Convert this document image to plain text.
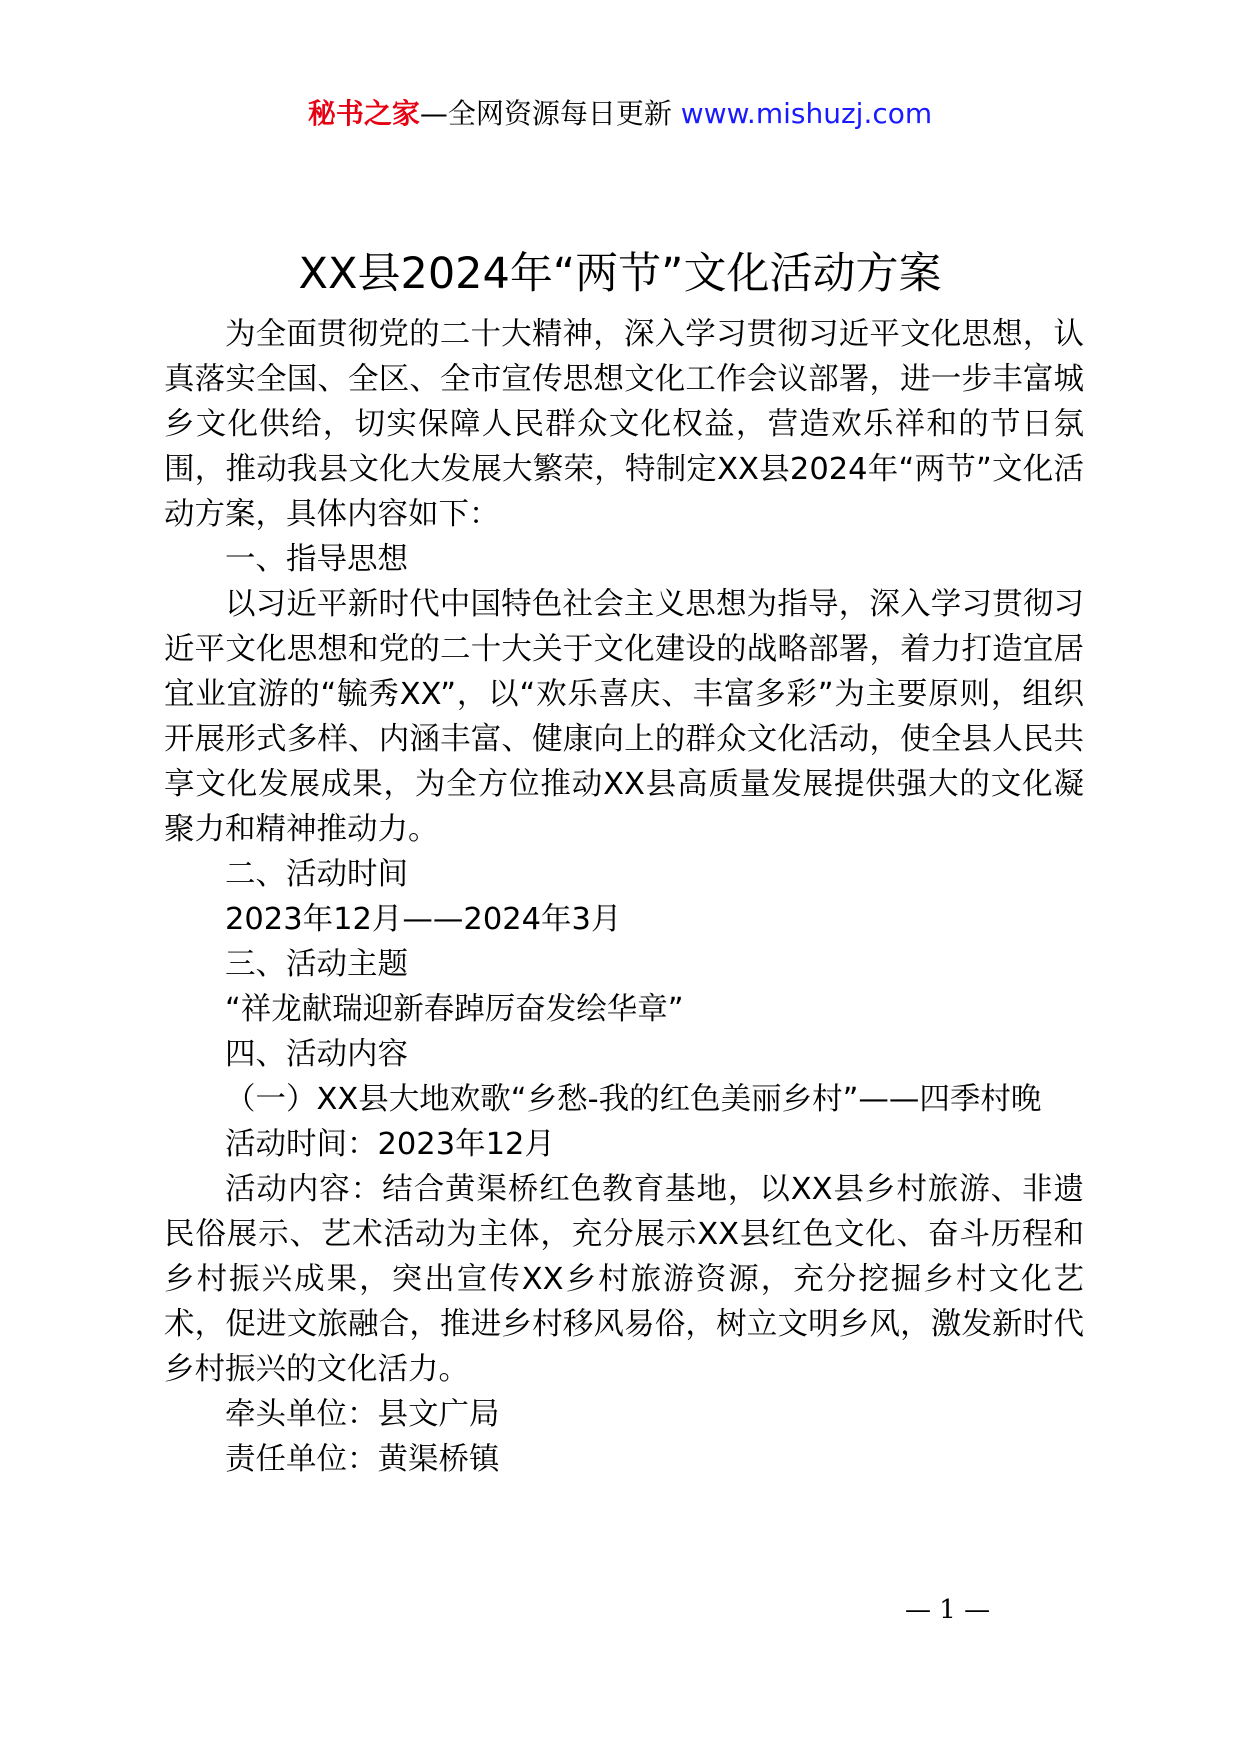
秘书之家—全网资源每日更新 www.mishuzj.com
XX县2024年“两节”文化活动方案

为全面贯彻党的二十大精神，深入学习贯彻习近平文化思想，认真落实全国、全区、全市宣传思想文化工作会议部署，进一步丰富城乡文化供给，切实保障人民群众文化权益，营造欢乐祥和的节日氛围，推动我县文化大发展大繁荣，特制定XX县2024年“两节”文化活动方案，具体内容如下：

一、指导思想

以习近平新时代中国特色社会主义思想为指导，深入学习贯彻习近平文化思想和党的二十大关于文化建设的战略部署，着力打造宜居宜业宜游的“毓秀XX”，以“欢乐喜庆、丰富多彩”为主要原则，组织开展形式多样、内涵丰富、健康向上的群众文化活动，使全县人民共享文化发展成果，为全方位推动XX县高质量发展提供强大的文化凝聚力和精神推动力。

二、活动时间

2023年12月——2024年3月

三、活动主题

“祥龙献瑞迎新春踔厉奋发绘华章”

四、活动内容

（一）XX县大地欢歌“乡愁-我的红色美丽乡村”——四季村晚

活动时间：2023年12月

活动内容：结合黄渠桥红色教育基地，以XX县乡村旅游、非遗民俗展示、艺术活动为主体，充分展示XX县红色文化、奋斗历程和乡村振兴成果，突出宣传XX乡村旅游资源，充分挖掘乡村文化艺术，促进文旅融合，推进乡村移风易俗，树立文明乡风，激发新时代乡村振兴的文化活力。

牵头单位：县文广局

责任单位：黄渠桥镇

— 1 —
